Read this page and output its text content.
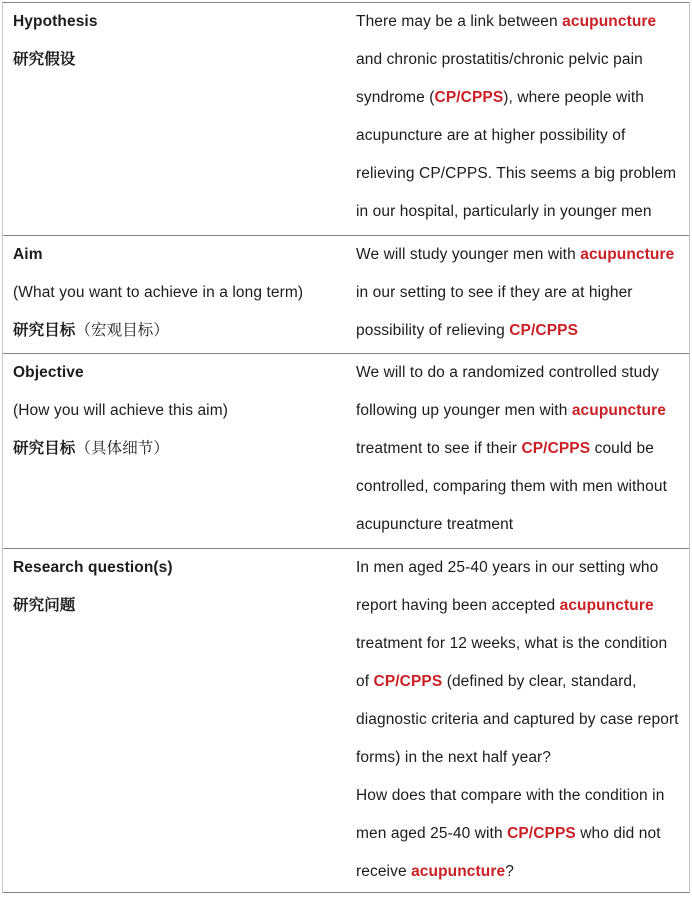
Hypothesis

研究假设

There may be a link between acupuncture and chronic prostatitis/chronic pelvic pain syndrome (CP/CPPS), where people with acupuncture are at higher possibility of relieving CP/CPPS. This seems a big problem in our hospital, particularly in younger men

Aim

(What you want to achieve in a long term)

研究目标（宏观目标）

We will study younger men with acupuncture in our setting to see if they are at higher possibility of relieving CP/CPPS

Objective

(How you will achieve this aim)

研究目标（具体细节）

We will to do a randomized controlled study following up younger men with acupuncture treatment to see if their CP/CPPS could be controlled, comparing them with men without acupuncture treatment

Research question(s)

研究问题

In men aged 25-40 years in our setting who report having been accepted acupuncture treatment for 12 weeks, what is the condition of CP/CPPS (defined by clear, standard, diagnostic criteria and captured by case report forms) in the next half year?

How does that compare with the condition in men aged 25-40 with CP/CPPS who did not receive acupuncture?
